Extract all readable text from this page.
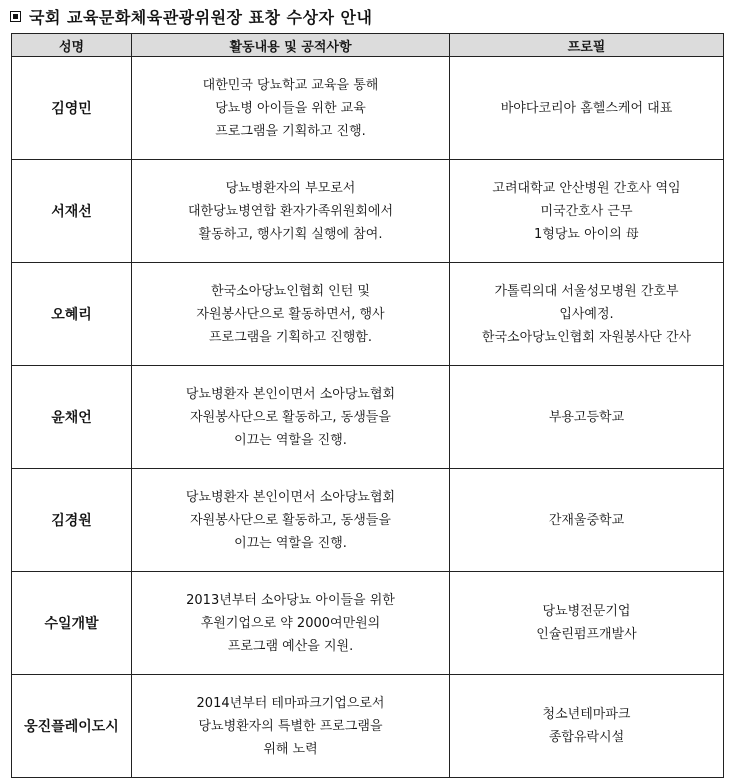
국회 교육문화체육관광위원장 표창 수상자 안내
성명	활동내용 및 공적사항	프로필
김영민	대한민국 당뇨학교 교육을 통해
당뇨병 아이들을 위한 교육
프로그램을 기획하고 진행.	바야다코리아 홈헬스케어 대표

서재선	당뇨병환자의 부모로서
대한당뇨병연합 환자가족위원회에서
활동하고, 행사기획 실행에 참여.	고려대학교 안산병원 간호사 역임
미국간호사 근무
1형당뇨 아이의 母

오혜리	한국소아당뇨인협회 인턴 및
자원봉사단으로 활동하면서, 행사
프로그램을 기획하고 진행함.	가톨릭의대 서울성모병원 간호부
입사예정.
한국소아당뇨인협회 자원봉사단 간사

윤채언	당뇨병환자 본인이면서 소아당뇨협회
자원봉사단으로 활동하고, 동생들을
이끄는 역할을 진행.	부용고등학교

김경원	당뇨병환자 본인이면서 소아당뇨협회
자원봉사단으로 활동하고, 동생들을
이끄는 역할을 진행.	간재울중학교

수일개발	2013년부터 소아당뇨 아이들을 위한
후원기업으로 약 2000여만원의
프로그램 예산을 지원.	당뇨병전문기업
인슐린펌프개발사

웅진플레이도시	2014년부터 테마파크기업으로서
당뇨병환자의 특별한 프로그램을
위해 노력	청소년테마파크
종합유락시설
